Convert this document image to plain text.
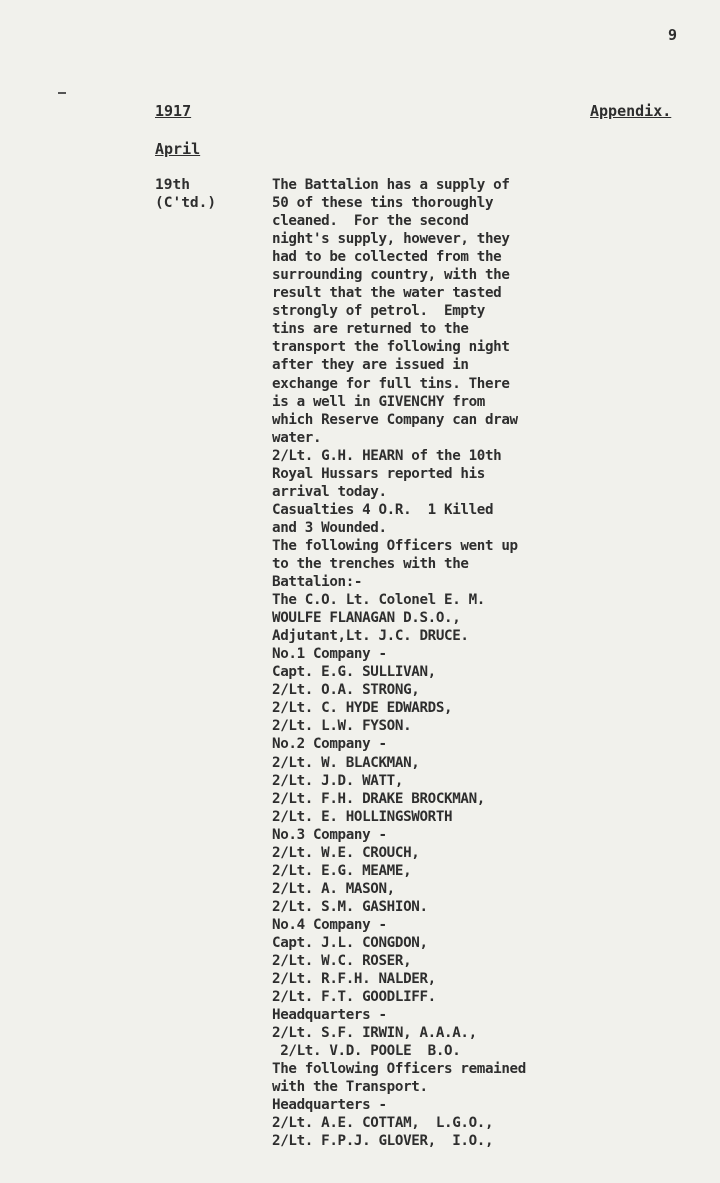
9
1917	Appendix.
April
19th
(C'td.)
The Battalion has a supply of
50 of these tins thoroughly
cleaned.  For the second
night's supply, however, they
had to be collected from the
surrounding country, with the
result that the water tasted
strongly of petrol.  Empty
tins are returned to the
transport the following night
after they are issued in
exchange for full tins. There
is a well in GIVENCHY from
which Reserve Company can draw
water.
2/Lt. G.H. HEARN of the 10th
Royal Hussars reported his
arrival today.
Casualties 4 O.R.  1 Killed
and 3 Wounded.
The following Officers went up
to the trenches with the
Battalion:-
The C.O. Lt. Colonel E. M.
WOULFE FLANAGAN D.S.O.,
Adjutant,Lt. J.C. DRUCE.
No.1 Company -
Capt. E.G. SULLIVAN,
2/Lt. O.A. STRONG,
2/Lt. C. HYDE EDWARDS,
2/Lt. L.W. FYSON.
No.2 Company -
2/Lt. W. BLACKMAN,
2/Lt. J.D. WATT,
2/Lt. F.H. DRAKE BROCKMAN,
2/Lt. E. HOLLINGSWORTH
No.3 Company -
2/Lt. W.E. CROUCH,
2/Lt. E.G. MEAME,
2/Lt. A. MASON,
2/Lt. S.M. GASHION.
No.4 Company -
Capt. J.L. CONGDON,
2/Lt. W.C. ROSER,
2/Lt. R.F.H. NALDER,
2/Lt. F.T. GOODLIFF.
Headquarters -
2/Lt. S.F. IRWIN, A.A.A.,
2/Lt. V.D. POOLE  B.O.
The following Officers remained
with the Transport.
Headquarters -
2/Lt. A.E. COTTAM,  L.G.O.,
2/Lt. F.P.J. GLOVER,  I.O.,
